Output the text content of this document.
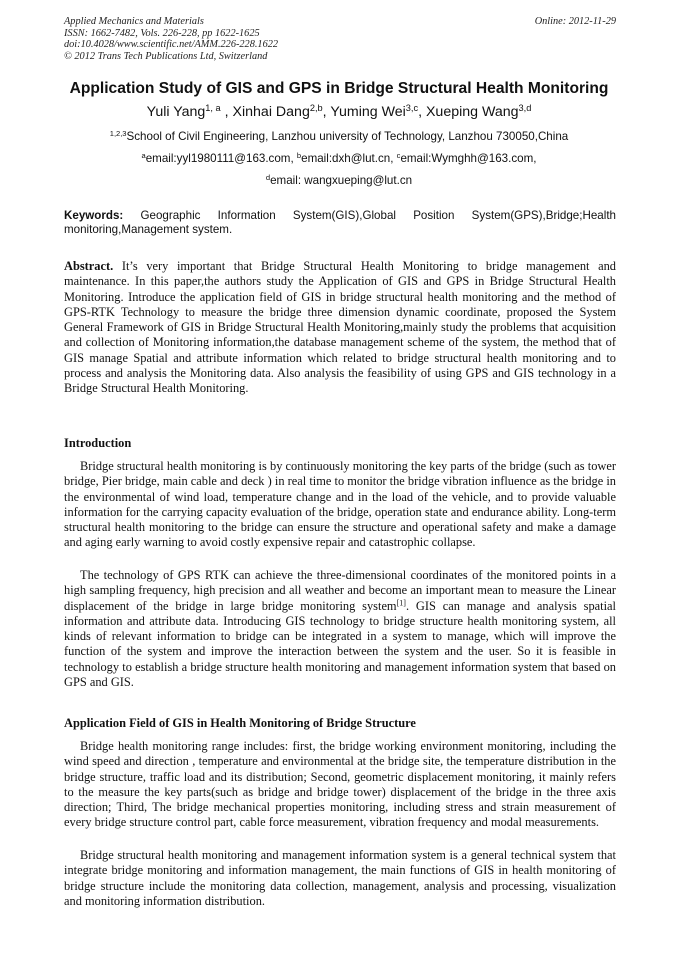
Applied Mechanics and Materials
ISSN: 1662-7482, Vols. 226-228, pp 1622-1625
doi:10.4028/www.scientific.net/AMM.226-228.1622
© 2012 Trans Tech Publications Ltd, Switzerland
Online: 2012-11-29
Application Study of GIS and GPS in Bridge Structural Health Monitoring
Yuli Yang$^{1, a}$ , Xinhai Dang$^{2,b}$, Yuming Wei$^{3,c}$, Xueping Wang$^{3,d}$
$^{1,2,3}$School of Civil Engineering, Lanzhou university of Technology, Lanzhou 730050,China
$^a$email:yyl1980111@163.com, $^b$email:dxh@lut.cn, $^c$email:Wymghh@163.com,
$^d$email: wangxueping@lut.cn
Keywords: Geographic Information System(GIS),Global Position System(GPS),Bridge;Health monitoring,Management system.
Abstract. It’s very important that Bridge Structural Health Monitoring to bridge management and maintenance. In this paper,the authors study the Application of GIS and GPS in Bridge Structural Health Monitoring. Introduce the application field of GIS in bridge structural health monitoring and the method of GPS-RTK Technology to measure the bridge three dimension dynamic coordinate, proposed the System General Framework of GIS in Bridge Structural Health Monitoring,mainly study the problems that acquisition and collection of Monitoring information,the database management scheme of the system, the method that of GIS manage Spatial and attribute information which related to bridge structural health monitoring and to process and analysis the Monitoring data. Also analysis the feasibility of using GPS and GIS technology in a Bridge Structural Health Monitoring.
Introduction
Bridge structural health monitoring is by continuously monitoring the key parts of the bridge (such as tower bridge, Pier bridge, main cable and deck ) in real time to monitor the bridge vibration influence as the bridge in the environmental of wind load, temperature change and in the load of the vehicle, and to provide valuable information for the carrying capacity evaluation of the bridge, operation state and endurance ability. Long-term structural health monitoring to the bridge can ensure the structure and operational safety and make a damage and aging early warning to avoid costly expensive repair and catastrophic collapse.
The technology of GPS RTK can achieve the three-dimensional coordinates of the monitored points in a high sampling frequency, high precision and all weather and become an important mean to measure the Linear displacement of the bridge in large bridge monitoring system[1]. GIS can manage and analysis spatial information and attribute data. Introducing GIS technology to bridge structure health monitoring system, all kinds of relevant information to bridge can be integrated in a system to manage, which will improve the function of the system and improve the interaction between the system and the user. So it is feasible in technology to establish a bridge structure health monitoring and management information system that based on GPS and GIS.
Application Field of GIS in Health Monitoring of Bridge Structure
Bridge health monitoring range includes: first, the bridge working environment monitoring, including the wind speed and direction , temperature and environmental at the bridge site, the temperature distribution in the bridge structure, traffic load and its distribution; Second, geometric displacement monitoring, it mainly refers to the measure the key parts(such as bridge and bridge tower) displacement of the bridge in the three axis direction; Third, The bridge mechanical properties monitoring, including stress and strain measurement of every bridge structure control part, cable force measurement, vibration frequency and modal measurements.
Bridge structural health monitoring and management information system is a general technical system that integrate bridge monitoring and information management, the main functions of GIS in health monitoring of bridge structure include the monitoring data collection, management, analysis and processing, visualization and monitoring information distribution.
